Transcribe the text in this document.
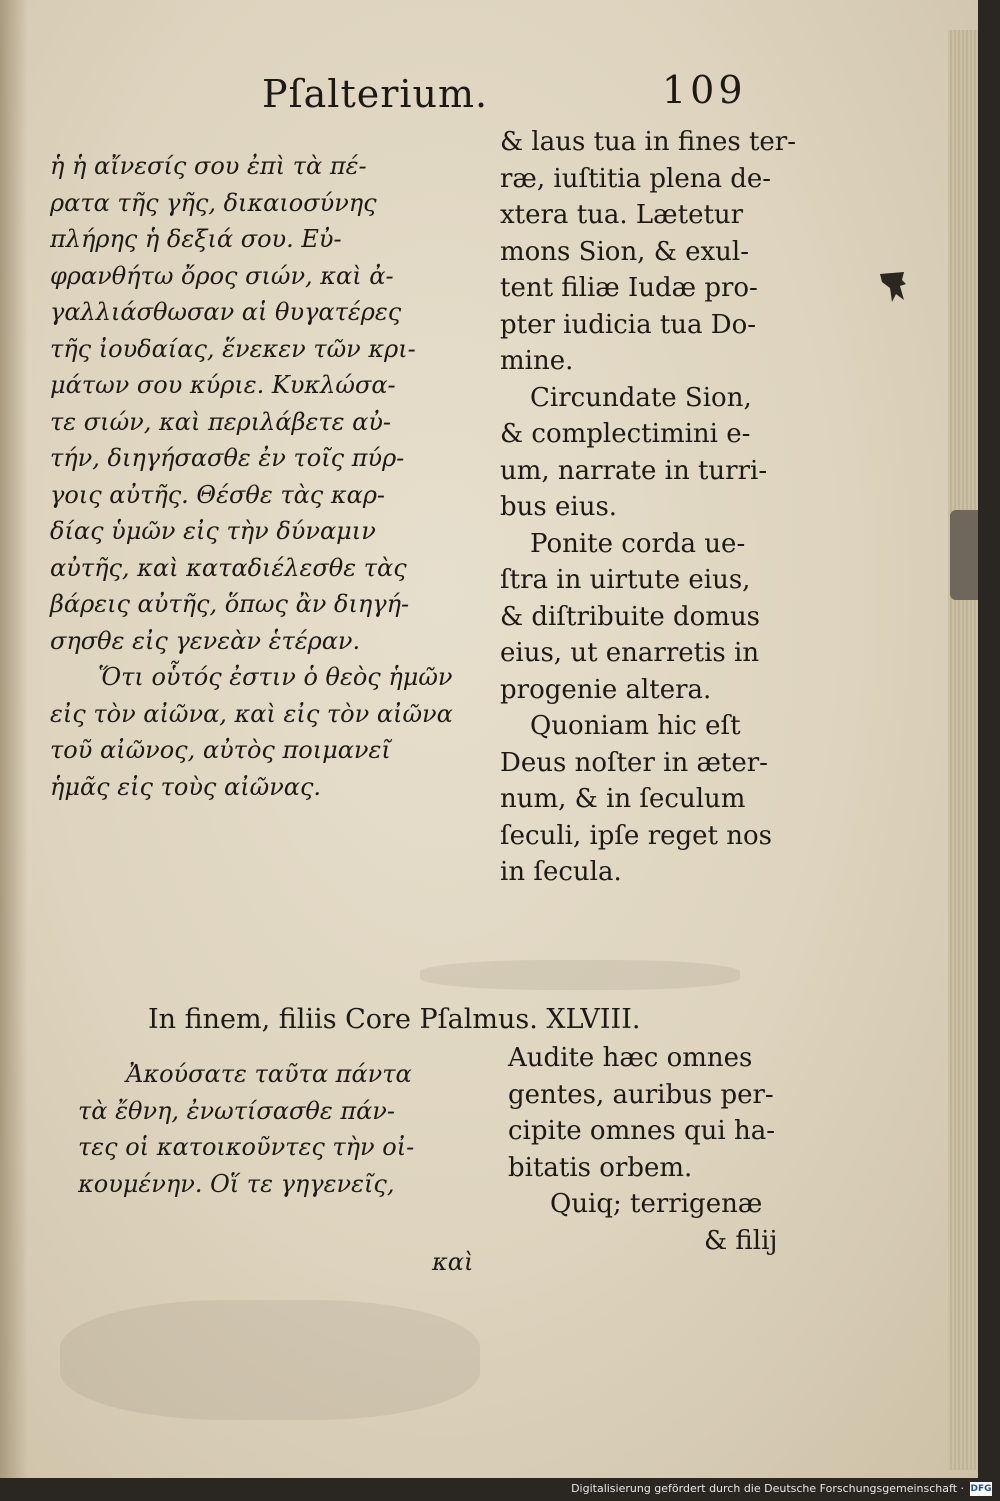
Pſalterium.	109
ἡ ἡ αἴνεσίς σου ἐπὶ τὰ πέ-
ρατα τῆς γῆς, δικαιοσύνης
πλήρης ἡ δεξιά σου. Εὐ-
φρανθήτω ὄρος σιών, καὶ ἀ-
γαλλιάσθωσαν αἱ θυγατέρες
τῆς ἰουδαίας, ἕνεκεν τῶν κρι-
μάτων σου κύριε. Κυκλώσα-
τε σιών, καὶ περιλάβετε αὐ-
τήν, διηγήσασθε ἐν τοῖς πύρ-
γοις αὐτῆς. Θέσθε τὰς καρ-
δίας ὑμῶν εἰς τὴν δύναμιν
αὐτῆς, καὶ καταδιέλεσθε τὰς
βάρεις αὐτῆς, ὅπως ἂν διηγή-
σησθε εἰς γενεὰν ἑτέραν.
Ὅτι οὗτός ἐστιν ὁ θεὸς ἡμῶν
εἰς τὸν αἰῶνα, καὶ εἰς τὸν αἰῶνα
τοῦ αἰῶνος, αὐτὸς ποιμανεῖ
ἡμᾶς εἰς τοὺς αἰῶνας.
& laus tua in fines ter-
ræ, iuſtitia plena de-
xtera tua. Lætetur
mons Sion, & exul-
tent filiæ Iudæ pro-
pter iudicia tua Do-
mine.
Circundate Sion,
& complectimini e-
um, narrate in turri-
bus eius.
Ponite corda ue-
ſtra in uirtute eius,
& diſtribuite domus
eius, ut enarretis in
progenie altera.
Quoniam hic eſt
Deus noſter in æter-
num, & in ſeculum
ſeculi, ipſe reget nos
in ſecula.
In finem, filiis Core Pſalmus. XLVIII.
Ἀκούσατε ταῦτα πάντα
τὰ ἔθνη, ἐνωτίσασθε πάν-
τες οἱ κατοικοῦντες τὴν οἰ-
κουμένην. Οἵ τε γηγενεῖς,
Audite hæc omnes
gentes, auribus per-
cipite omnes qui ha-
bitatis orbem.
Quiq; terrigenæ
& filij
καὶ
Digitalisierung gefördert durch die Deutsche Forschungsgemeinschaft · DFG
